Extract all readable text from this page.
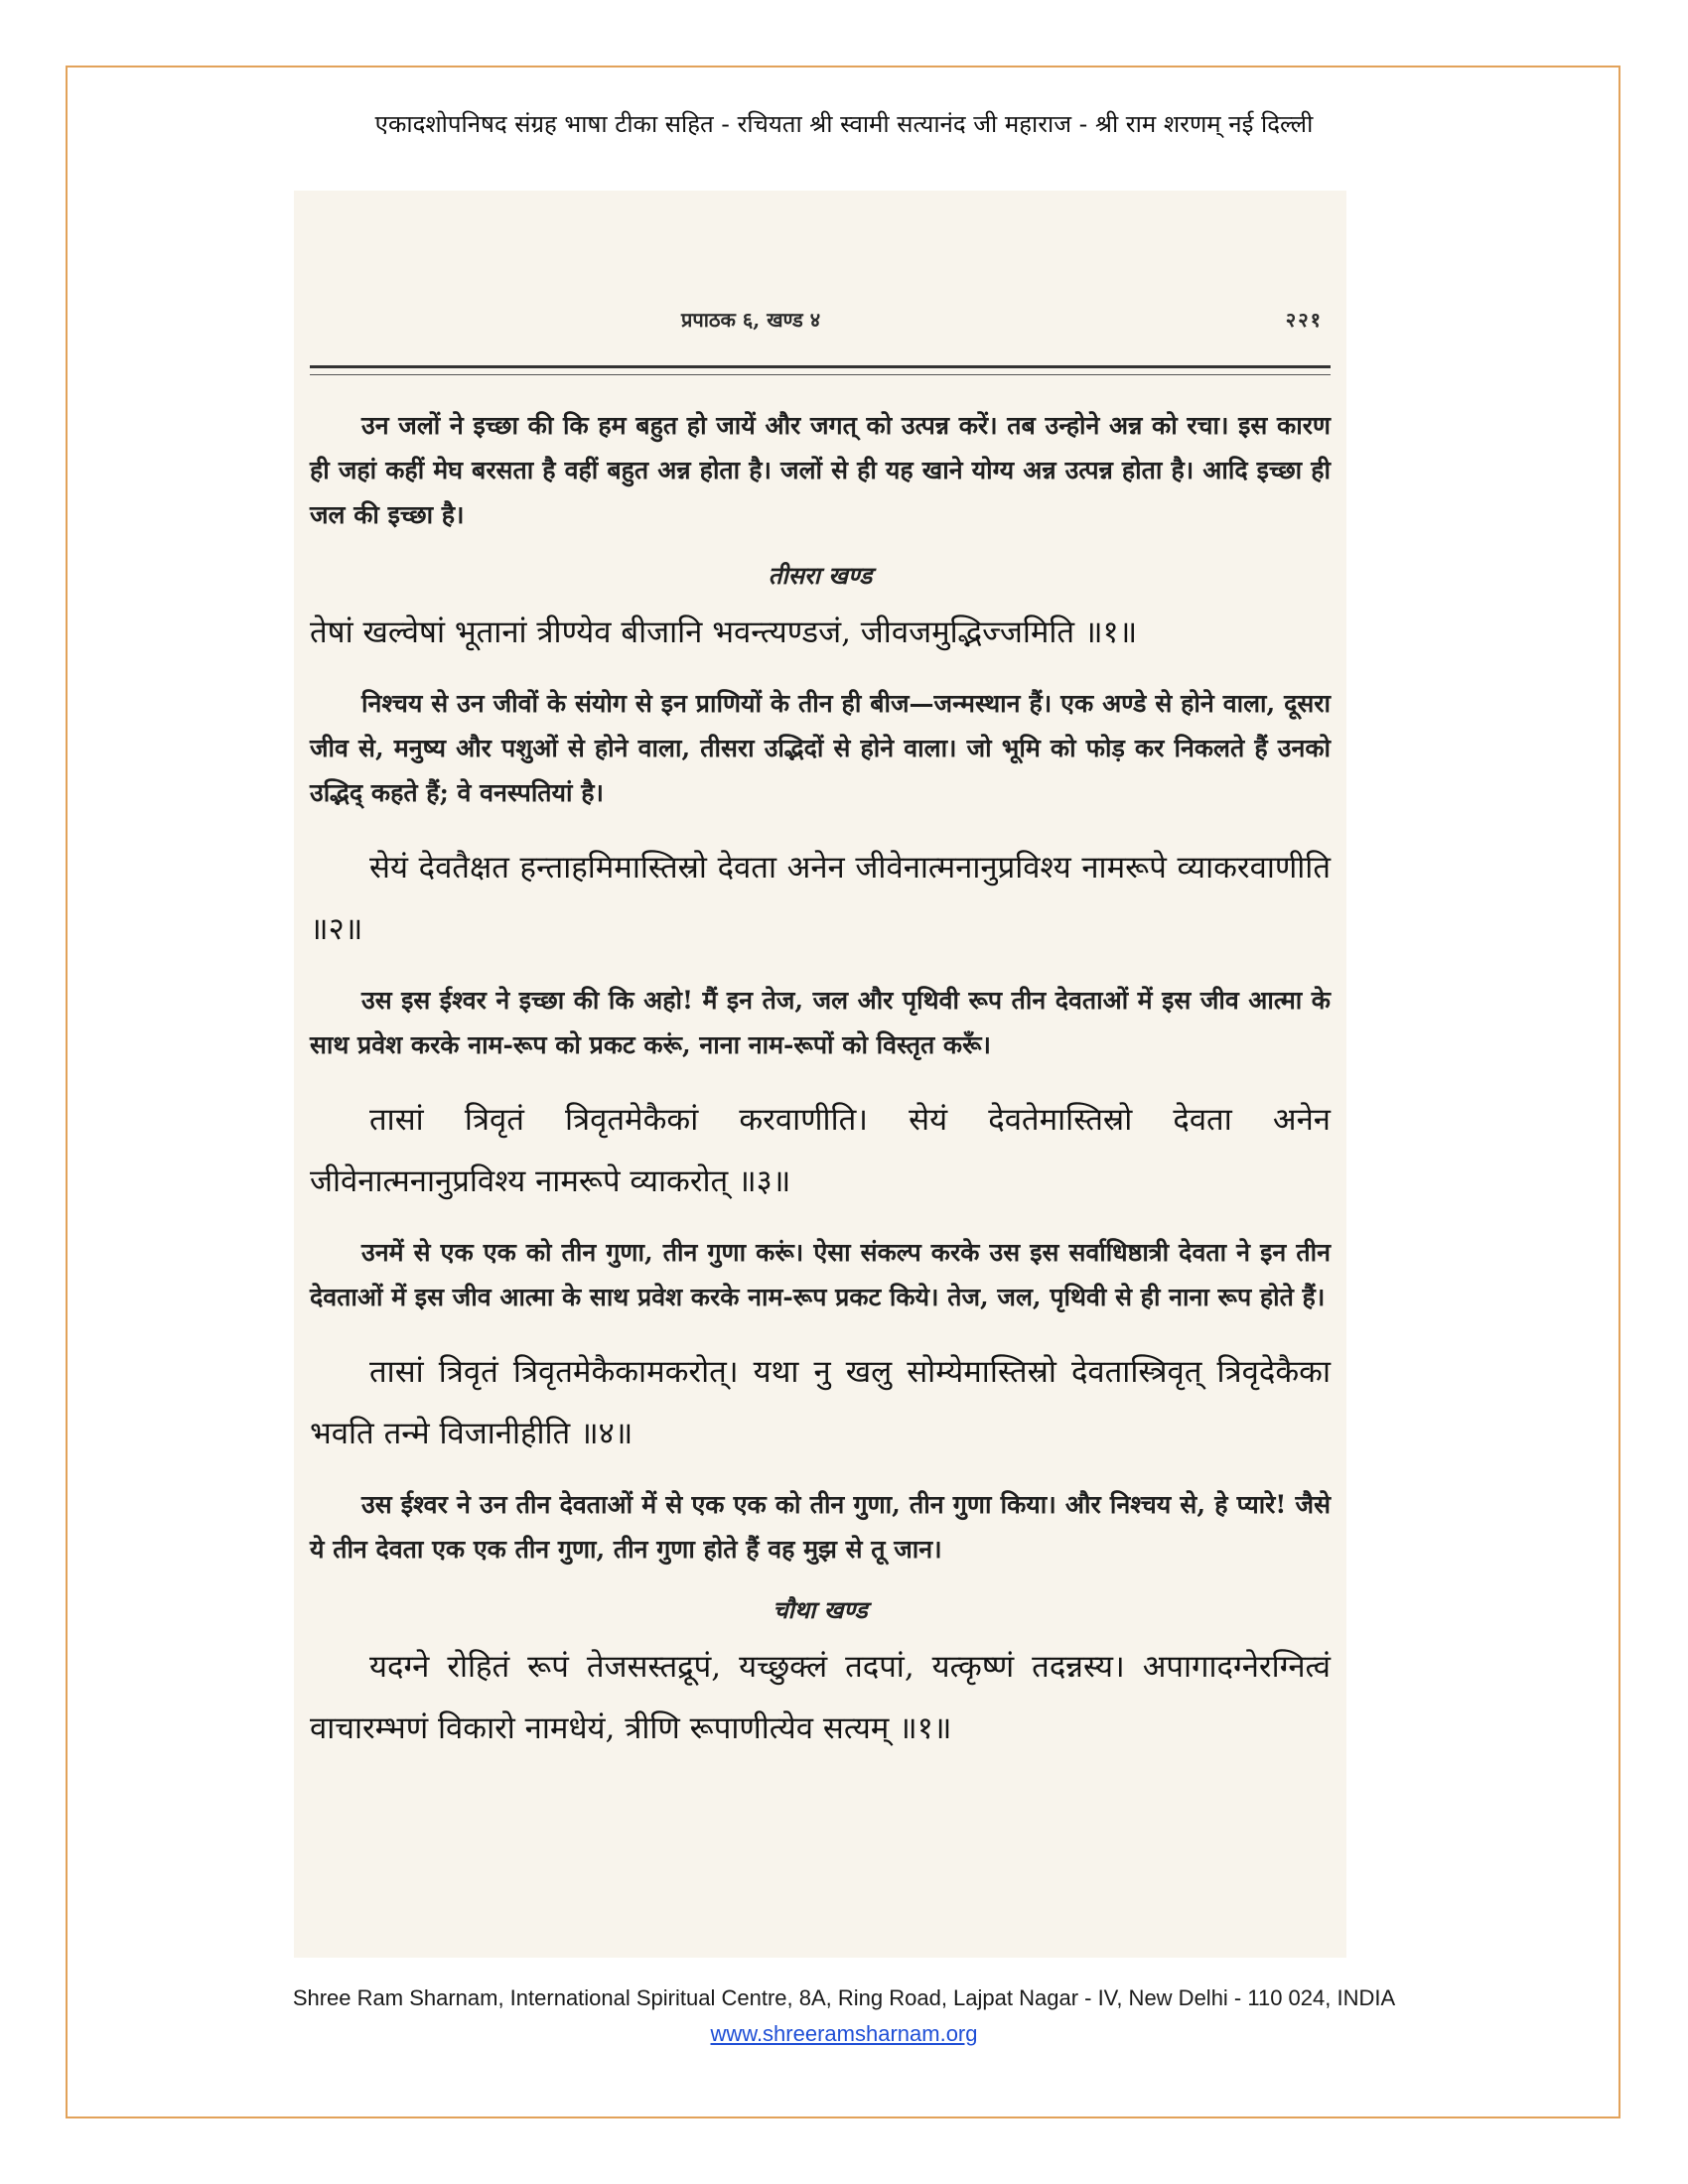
एकादशोपनिषद संग्रह भाषा टीका सहित - रचियता श्री स्वामी सत्यानंद जी महाराज - श्री राम शरणम् नई दिल्ली
प्रपाठक ६, खण्ड ४	२२१
उन जलों ने इच्छा की कि हम बहुत हो जायें और जगत् को उत्पन्न करें। तब उन्होने अन्न को रचा। इस कारण ही जहां कहीं मेघ बरसता है वहीं बहुत अन्न होता है। जलों से ही यह खाने योग्य अन्न उत्पन्न होता है। आदि इच्छा ही जल की इच्छा है।
तीसरा खण्ड
तेषां खल्वेषां भूतानां त्रीण्येव बीजानि भवन्त्यण्डजं, जीवजमुद्भिज्जमिति ॥१॥
निश्चय से उन जीवों के संयोग से इन प्राणियों के तीन ही बीज—जन्मस्थान हैं। एक अण्डे से होने वाला, दूसरा जीव से, मनुष्य और पशुओं से होने वाला, तीसरा उद्भिदों से होने वाला। जो भूमि को फोड़ कर निकलते हैं उनको उद्भिद् कहते हैं; वे वनस्पतियां है।
सेयं देवतैक्षत हन्ताहमिमास्तिस्रो देवता अनेन जीवेनात्मनानुप्रविश्य नामरूपे व्याकरवाणीति ॥२॥
उस इस ईश्वर ने इच्छा की कि अहो! मैं इन तेज, जल और पृथिवी रूप तीन देवताओं में इस जीव आत्मा के साथ प्रवेश करके नाम-रूप को प्रकट करूं, नाना नाम-रूपों को विस्तृत करूँ।
तासां त्रिवृतं त्रिवृतमेकैकां करवाणीति। सेयं देवतेमास्तिस्रो देवता अनेन जीवेनात्मनानुप्रविश्य नामरूपे व्याकरोत् ॥३॥
उनमें से एक एक को तीन गुणा, तीन गुणा करूं। ऐसा संकल्प करके उस इस सर्वाधिष्ठात्री देवता ने इन तीन देवताओं में इस जीव आत्मा के साथ प्रवेश करके नाम-रूप प्रकट किये। तेज, जल, पृथिवी से ही नाना रूप होते हैं।
तासां त्रिवृतं त्रिवृतमेकैकामकरोत्। यथा नु खलु सोम्येमास्तिस्रो देवतास्त्रिवृत् त्रिवृदेकैका भवति तन्मे विजानीहीति ॥४॥
उस ईश्वर ने उन तीन देवताओं में से एक एक को तीन गुणा, तीन गुणा किया। और निश्चय से, हे प्यारे! जैसे ये तीन देवता एक एक तीन गुणा, तीन गुणा होते हैं वह मुझ से तू जान।
चौथा खण्ड
यदग्ने रोहितं रूपं तेजसस्तद्रूपं, यच्छुक्लं तदपां, यत्कृष्णं तदन्नस्य। अपागादग्नेरग्नित्वं वाचारम्भणं विकारो नामधेयं, त्रीणि रूपाणीत्येव सत्यम् ॥१॥
Shree Ram Sharnam, International Spiritual Centre, 8A, Ring Road, Lajpat Nagar - IV, New Delhi - 110 024, INDIA
www.shreeramsharnam.org
